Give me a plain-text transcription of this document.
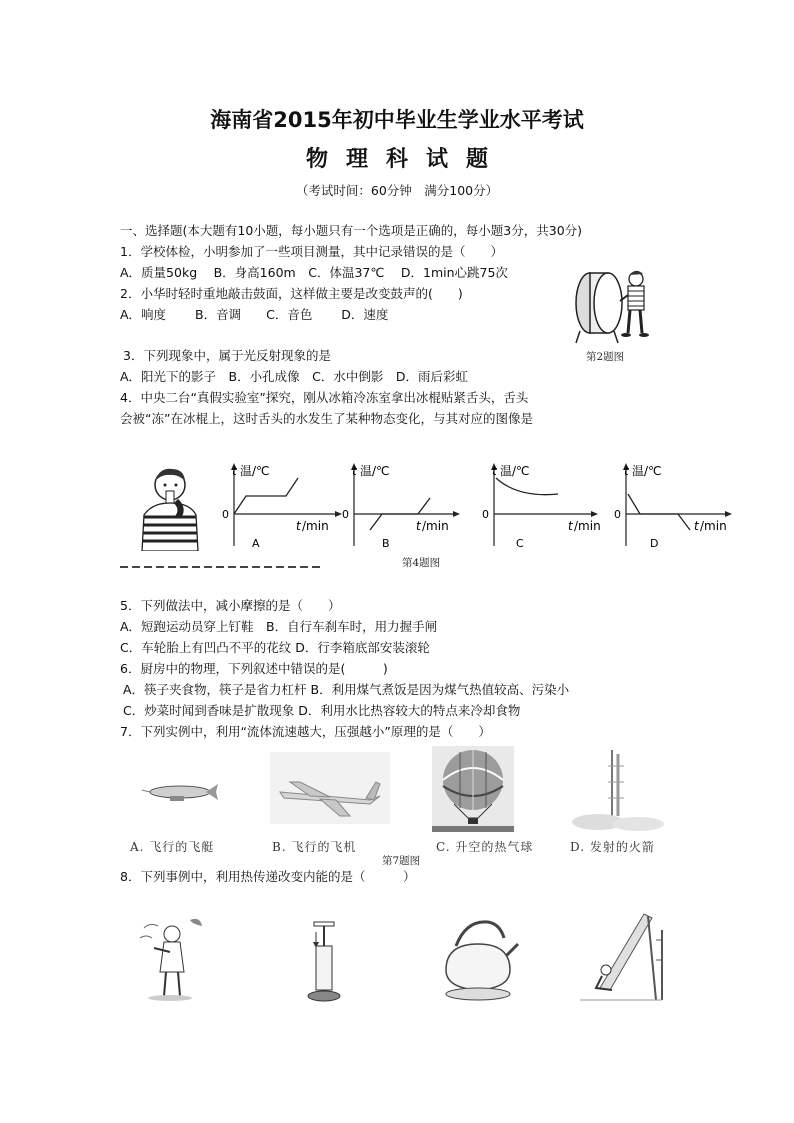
海南省2015年初中毕业生学业水平考试
物理科试题
（考试时间：60分钟　满分100分）
一、选择题(本大题有10小题，每小题只有一个选项是正确的，每小题3分，共30分)
1．学校体检，小明参加了一些项目测量，其中记录错误的是（　　）
A．质量50kg　 B．身高160m　C．体温37℃　 D．1min心跳75次
2．小华时轻时重地敲击鼓面，这样做主要是改变鼓声的(　　)
A．响度　　 B．音调　　C．音色　　 D．速度
第2题图
3．下列现象中，属于光反射现象的是
A．阳光下的影子　B．小孔成像　C．水中倒影　D．雨后彩虹
4．中央二台“真假实验室”探究，刚从冰箱冷冻室拿出冰棍贴紧舌头，舌头
会被“冻”在冰棍上，这时舌头的水发生了某种物态变化，与其对应的图像是
t 温/℃
0
t /min
A
t 温/℃
0
t /min
B
t 温/℃
0
t /min
C
t 温/℃
0
t /min
D
第4题图
5．下列做法中，减小摩擦的是（　　）
A．短跑运动员穿上钉鞋　B．自行车刹车时，用力握手闸
C．车轮胎上有凹凸不平的花纹 D．行李箱底部安装滚轮
6．厨房中的物理，下列叙述中错误的是(　　　)
A．筷子夹食物，筷子是省力杠杆 B．利用煤气煮饭是因为煤气热值较高、污染小
C．炒菜时闻到香味是扩散现象 D．利用水比热容较大的特点来冷却食物
7．下列实例中，利用“流体流速越大，压强越小”原理的是（　　）
A. 飞行的飞艇	B. 飞行的飞机	C. 升空的热气球	D. 发射的火箭
第7题图
8．下列事例中，利用热传递改变内能的是（　　　）
